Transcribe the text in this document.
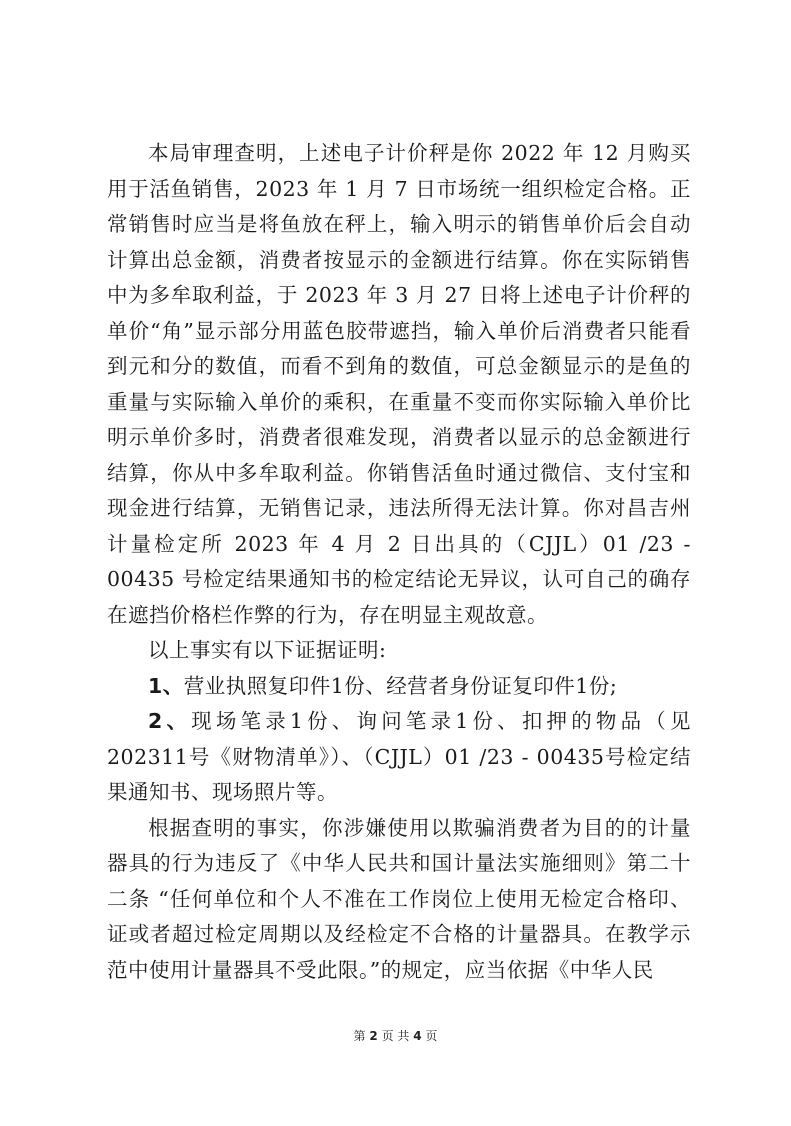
本局审理查明，上述电子计价秤是你 2022 年 12 月购买用于活鱼销售，2023 年 1 月 7 日市场统一组织检定合格。正常销售时应当是将鱼放在秤上，输入明示的销售单价后会自动计算出总金额，消费者按显示的金额进行结算。你在实际销售中为多牟取利益，于 2023 年 3 月 27 日将上述电子计价秤的单价“角”显示部分用蓝色胶带遮挡，输入单价后消费者只能看到元和分的数值，而看不到角的数值，可总金额显示的是鱼的重量与实际输入单价的乘积，在重量不变而你实际输入单价比明示单价多时，消费者很难发现，消费者以显示的总金额进行结算，你从中多牟取利益。你销售活鱼时通过微信、支付宝和现金进行结算，无销售记录，违法所得无法计算。你对昌吉州计量检定所 2023 年 4 月 2 日出具的（CJJL）01 /23 - 00435 号检定结果通知书的检定结论无异议，认可自己的确存在遮挡价格栏作弊的行为，存在明显主观故意。

以上事实有以下证据证明:

1、营业执照复印件1份、经营者身份证复印件1份;

2、现场笔录1份、询问笔录1份、扣押的物品（见202311号《财物清单》）、（CJJL）01 /23 - 00435号检定结果通知书、现场照片等。

根据查明的事实，你涉嫌使用以欺骗消费者为目的的计量器具的行为违反了《中华人民共和国计量法实施细则》第二十二条 “任何单位和个人不准在工作岗位上使用无检定合格印、证或者超过检定周期以及经检定不合格的计量器具。在教学示范中使用计量器具不受此限。”的规定，应当依据《中华人民

第 2 页 共 4 页
